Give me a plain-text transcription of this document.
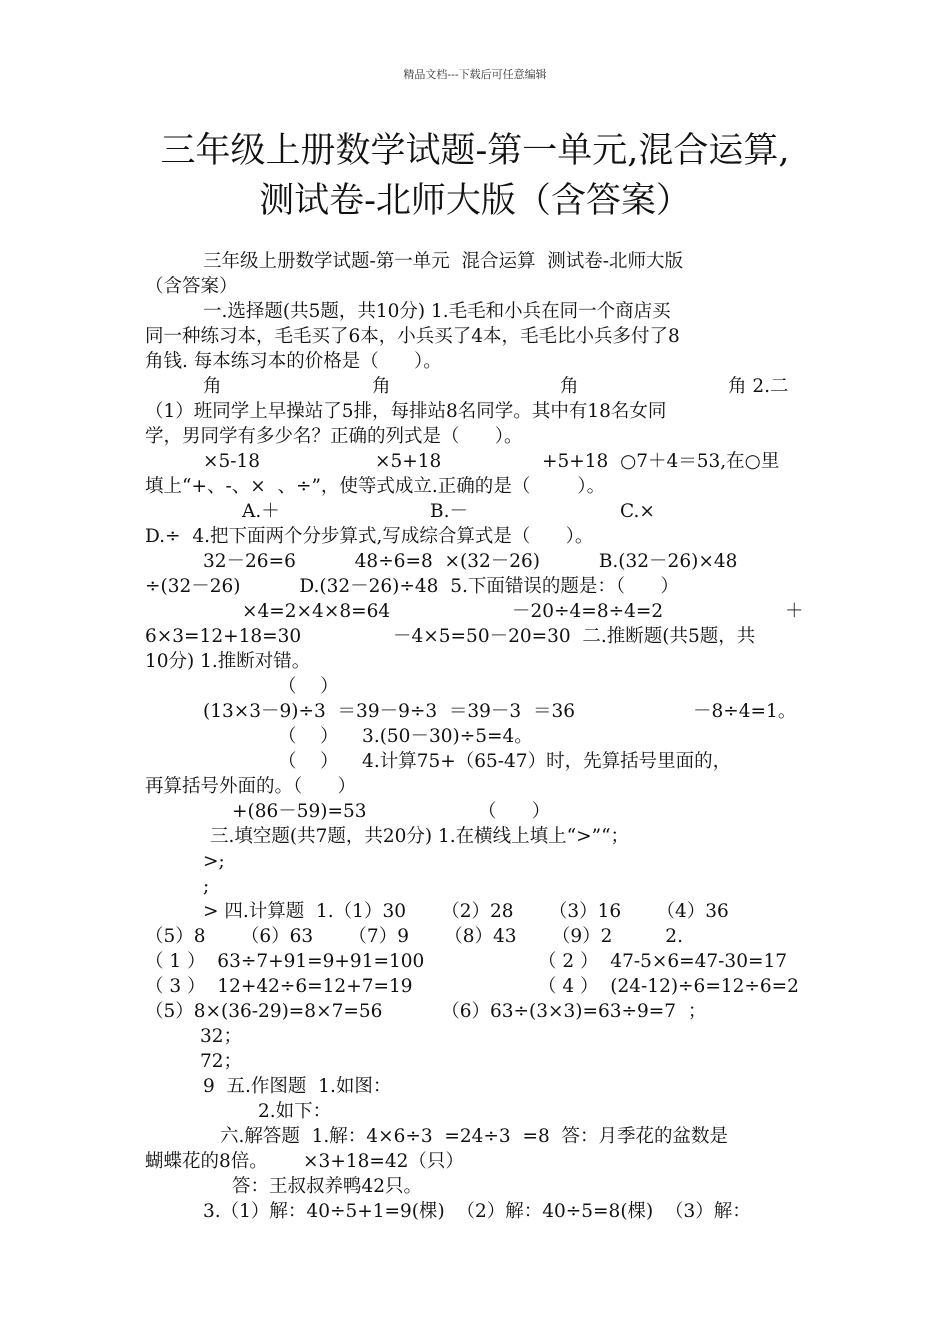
精品文档---下载后可任意编辑
三年级上册数学试题-第一单元,混合运算,
测试卷-北师大版（含答案）
三年级上册数学试题-第一单元  混合运算  测试卷-北师大版
（含答案）
一.选择题(共5题，共10分) 1.毛毛和小兵在同一个商店买
同一种练习本，毛毛买了6本，小兵买了4本，毛毛比小兵多付了8
角钱. 每本练习本的价格是（      ）。
角	角	角	角 2.二
（1）班同学上早操站了5排，每排站8名同学。其中有18名女同
学，男同学有多少名？正确的列式是（      ）。
×5-18	×5+18	+5+18  ○7＋4＝53,在○里
填上“+、-、×  、÷”，使等式成立.正确的是（        ）。
A.＋	B.－	C.×
D.÷  4.把下面两个分步算式,写成综合算式是（      ）。
32－26=6          48÷6=8  ×(32－26)          B.(32－26)×48
÷(32－26)          D.(32－26)÷48  5.下面错误的题是：（      ）
×4=2×4×8=64	－20÷4=8÷4=2	＋
6×3=12+18=30	－4×5=50－20=30  二.推断题(共5题，共
10分) 1.推断对错。
（    ）
(13×3－9)÷3  ＝39－9÷3  ＝39－3  ＝36	－8÷4=1。
（    ）    3.(50－30)÷5=4。
（    ）    4.计算75+（65-47）时，先算括号里面的，
再算括号外面的。（      ）
+(86－59)=53	（      ）
三.填空题(共7题，共20分) 1.在横线上填上“>”“；
>;
;
> 四.计算题  1.（1）30      （2）28      （3）16      （4）36
（5）8      （6）63      （7）9      （8）43      （9）2         2.
（ 1 ）  63÷7+91=9+91=100	（ 2 ）  47-5×6=47-30=17
（ 3 ）  12+42÷6=12+7=19	（ 4 ）  (24-12)÷6=12÷6=2
（5）8×(36-29)=8×7=56          （6）63÷(3×3)=63÷9=7  ；
32；
72；
9  五.作图题  1.如图：
2.如下：
六.解答题  1.解：4×6÷3  =24÷3  =8  答：月季花的盆数是
蝴蝶花的8倍。      ×3+18=42（只）
答：王叔叔养鸭42只。
3.（1）解：40÷5+1=9(棵)  （2）解：40÷5=8(棵)  （3）解：
